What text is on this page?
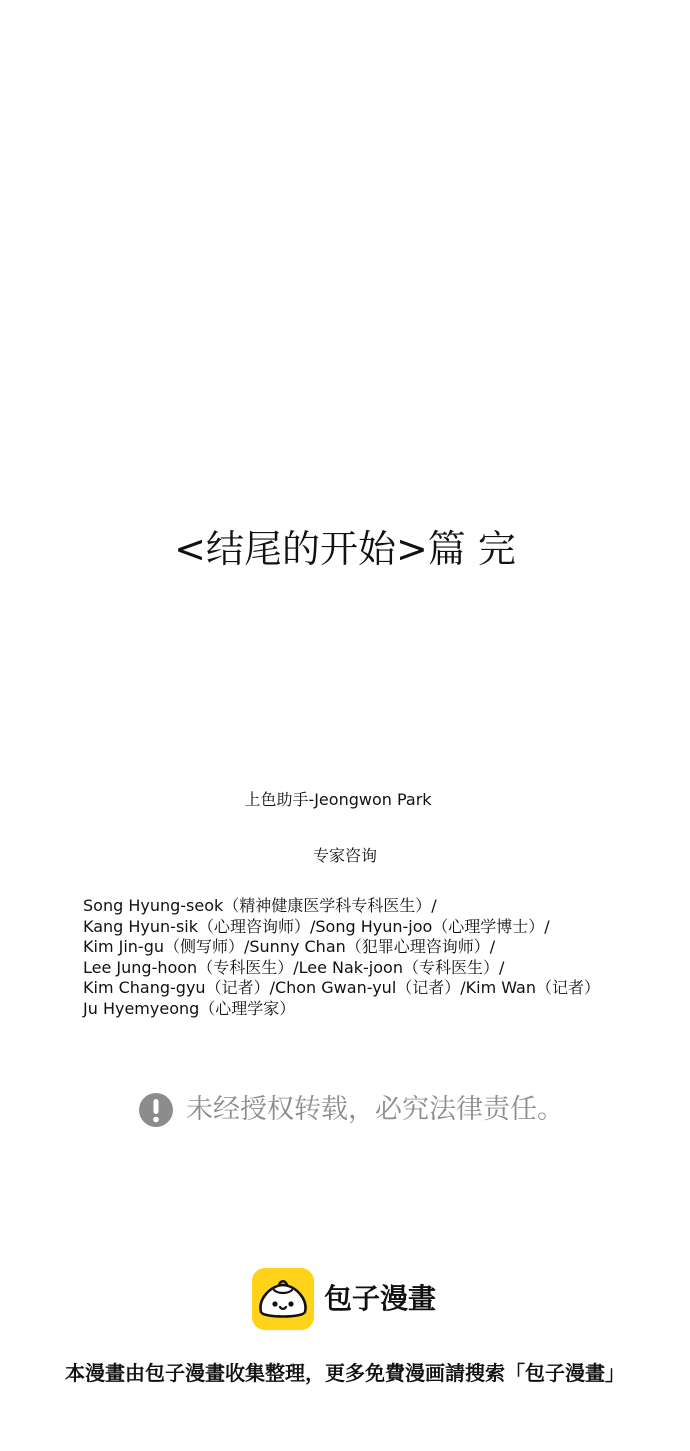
<结尾的开始>篇 完
上色助手-Jeongwon Park
专家咨询
Song Hyung-seok（精神健康医学科专科医生）/
Kang Hyun-sik（心理咨询师）/Song Hyun-joo（心理学博士）/
Kim Jin-gu（侧写师）/Sunny Chan（犯罪心理咨询师）/
Lee Jung-hoon（专科医生）/Lee Nak-joon（专科医生）/
Kim Chang-gyu（记者）/Chon Gwan-yul（记者）/Kim Wan（记者）
Ju Hyemyeong（心理学家）
未经授权转载，必究法律责任。
包子漫畫
本漫畫由包子漫畫收集整理，更多免費漫画請搜索「包子漫畫」
